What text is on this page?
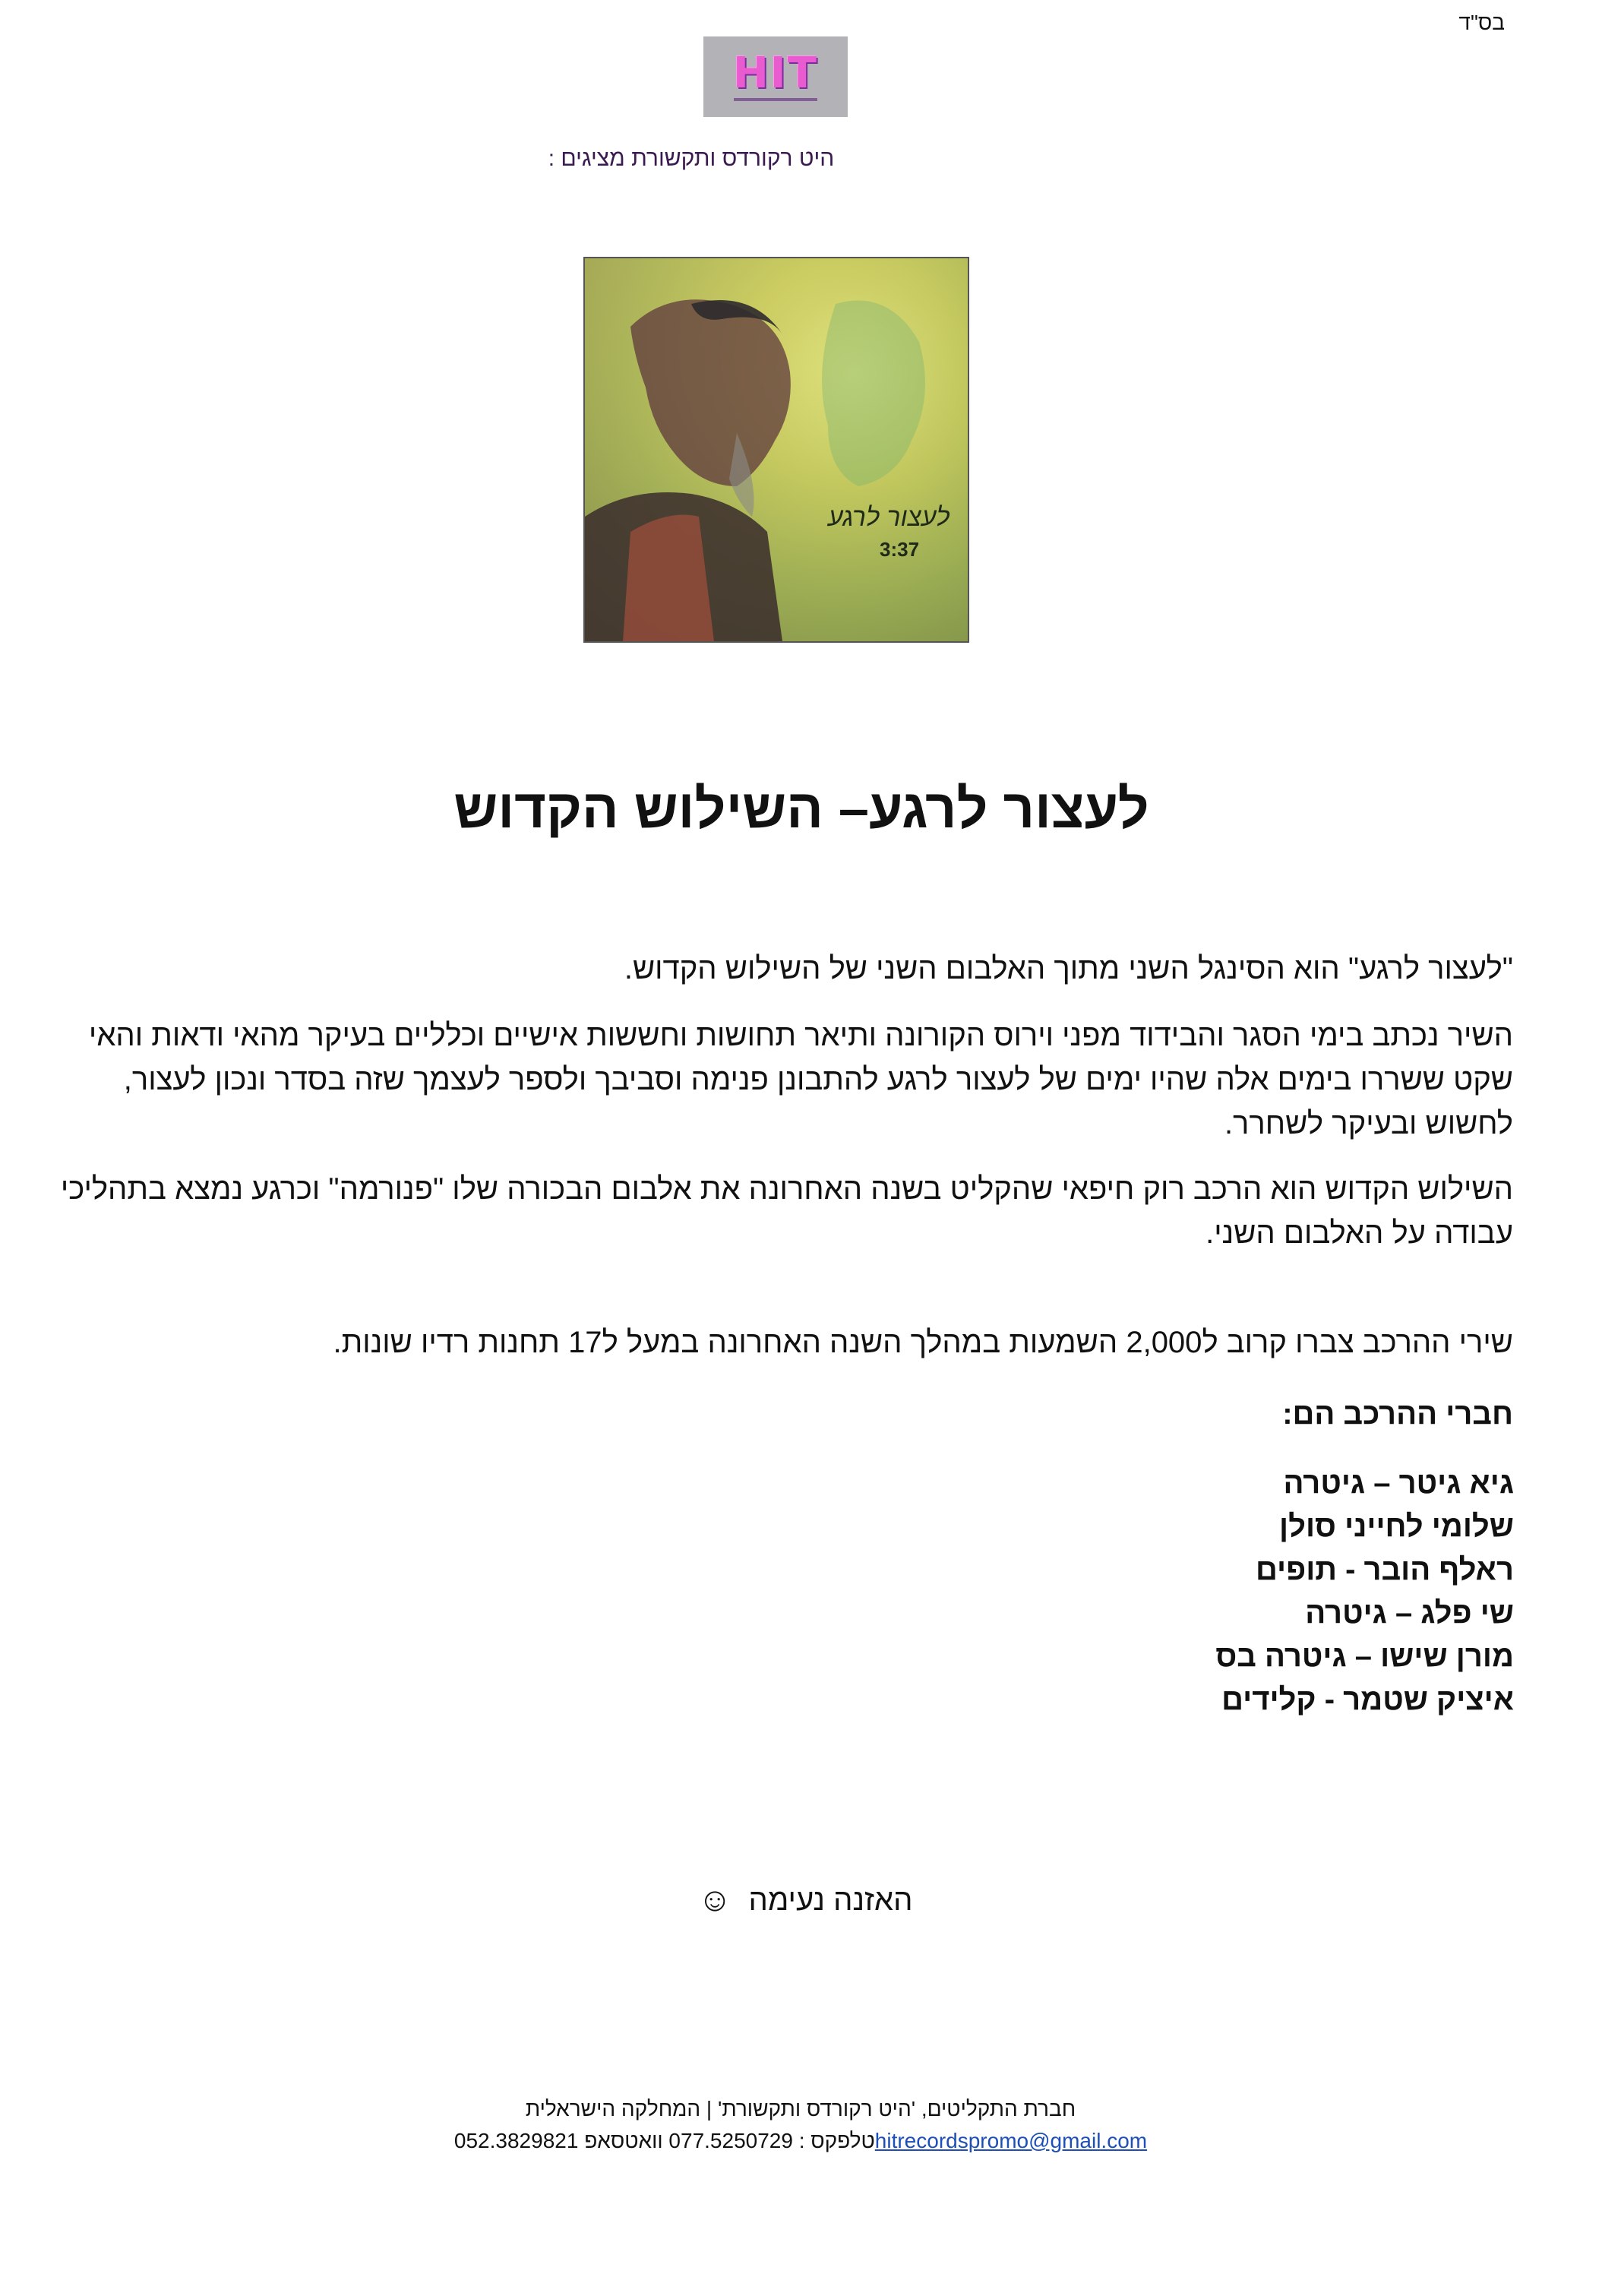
בס"ד
HIT
היט רקורדס ותקשורת מציגים :
לעצור לרגע
3:37
לעצור לרגע– השילוש הקדוש
"לעצור לרגע" הוא הסינגל השני מתוך האלבום השני של השילוש הקדוש.
השיר נכתב בימי הסגר והבידוד מפני וירוס הקורונה ותיאר תחושות וחששות אישיים וכלליים בעיקר מהאי ודאות והאי שקט ששררו בימים אלה שהיו ימים של לעצור לרגע להתבונן פנימה וסביבך ולספר לעצמך שזה בסדר ונכון לעצור, לחשוש ובעיקר לשחרר.
השילוש הקדוש הוא הרכב רוק חיפאי שהקליט בשנה האחרונה את אלבום הבכורה שלו "פנורמה" וכרגע נמצא בתהליכי עבודה על האלבום השני.
שירי ההרכב צברו קרוב ל2,000 השמעות במהלך השנה האחרונה במעל ל17 תחנות רדיו שונות.
חברי ההרכב הם:
גיא גיטר – גיטרה
שלומי לחייני סולן
ראלף הובר - תופים
שי פלג – גיטרה
מורן שישו – גיטרה בס
איציק שטמר - קלידים
האזנה נעימה
☺
חברת התקליטים, 'היט רקורדס ותקשורת' | המחלקה הישראלית
hitrecordspromo@gmail.comטלפקס : 077.5250729 וואטסאפ 052.3829821
